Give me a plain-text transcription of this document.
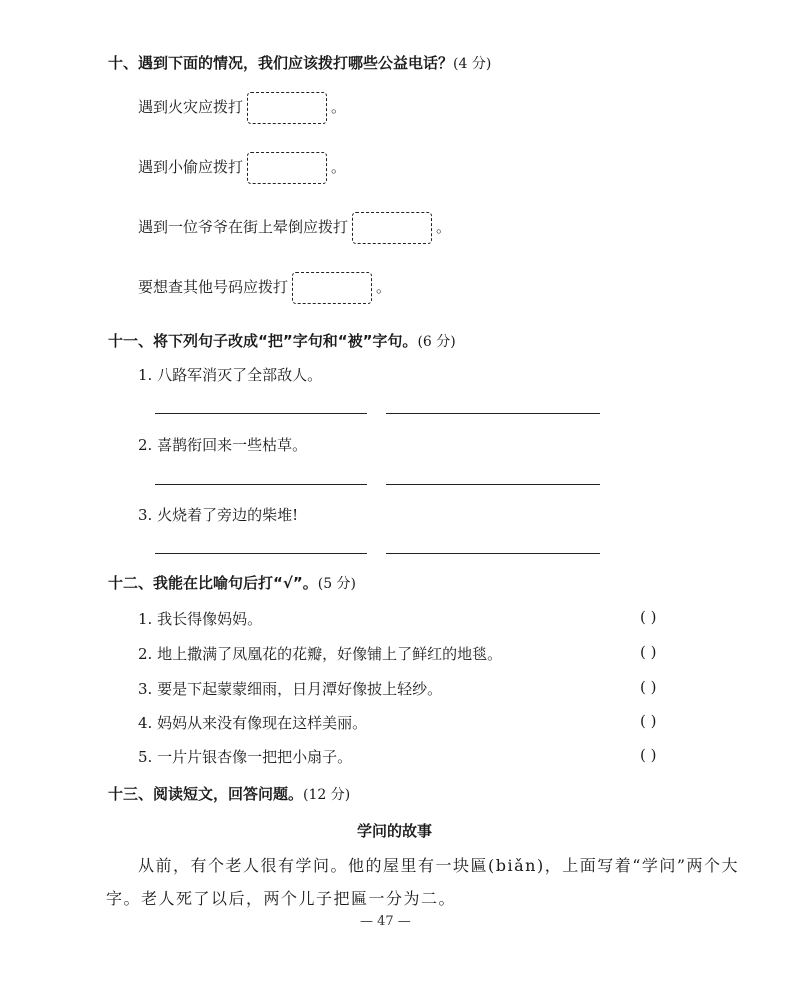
十、遇到下面的情况，我们应该拨打哪些公益电话？(4 分)
遇到火灾应拨打	。
遇到小偷应拨打	。
遇到一位爷爷在街上晕倒应拨打	。
要想查其他号码应拨打	。
十一、将下列句子改成“把”字句和“被”字句。(6 分)
1. 八路军消灭了全部敌人。
2. 喜鹊衔回来一些枯草。
3. 火烧着了旁边的柴堆!
十二、我能在比喻句后打“√”。(5 分)
1. 我长得像妈妈。	( )
2. 地上撒满了凤凰花的花瓣，好像铺上了鲜红的地毯。	( )
3. 要是下起蒙蒙细雨，日月潭好像披上轻纱。	( )
4. 妈妈从来没有像现在这样美丽。	( )
5. 一片片银杏像一把把小扇子。	( )
十三、阅读短文，回答问题。(12 分)
学问的故事
从前，有个老人很有学问。他的屋里有一块匾(biǎn)，上面写着“学问”两个大
字。老人死了以后，两个儿子把匾一分为二。
— 47 —
